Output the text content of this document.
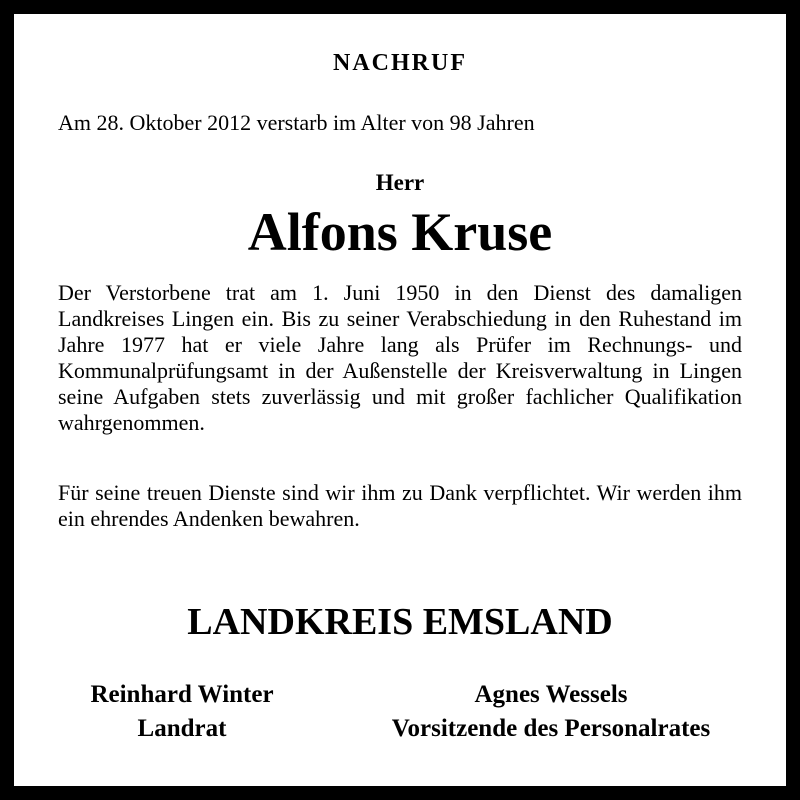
NACHRUF
Am 28. Oktober 2012 verstarb im Alter von 98 Jahren
Herr
Alfons Kruse
Der Verstorbene trat am 1. Juni 1950 in den Dienst des damaligen Landkreises Lingen ein. Bis zu seiner Verabschiedung in den Ruhestand im Jahre 1977 hat er viele Jahre lang als Prüfer im Rechnungs- und Kommunalprüfungsamt in der Außenstelle der Kreisverwaltung in Lingen seine Aufgaben stets zuverlässig und mit großer fachlicher Qualifikation wahrgenommen.
Für seine treuen Dienste sind wir ihm zu Dank verpflichtet. Wir werden ihm ein ehrendes Andenken bewahren.
LANDKREIS EMSLAND
Reinhard Winter
Landrat
Agnes Wessels
Vorsitzende des Personalrates
